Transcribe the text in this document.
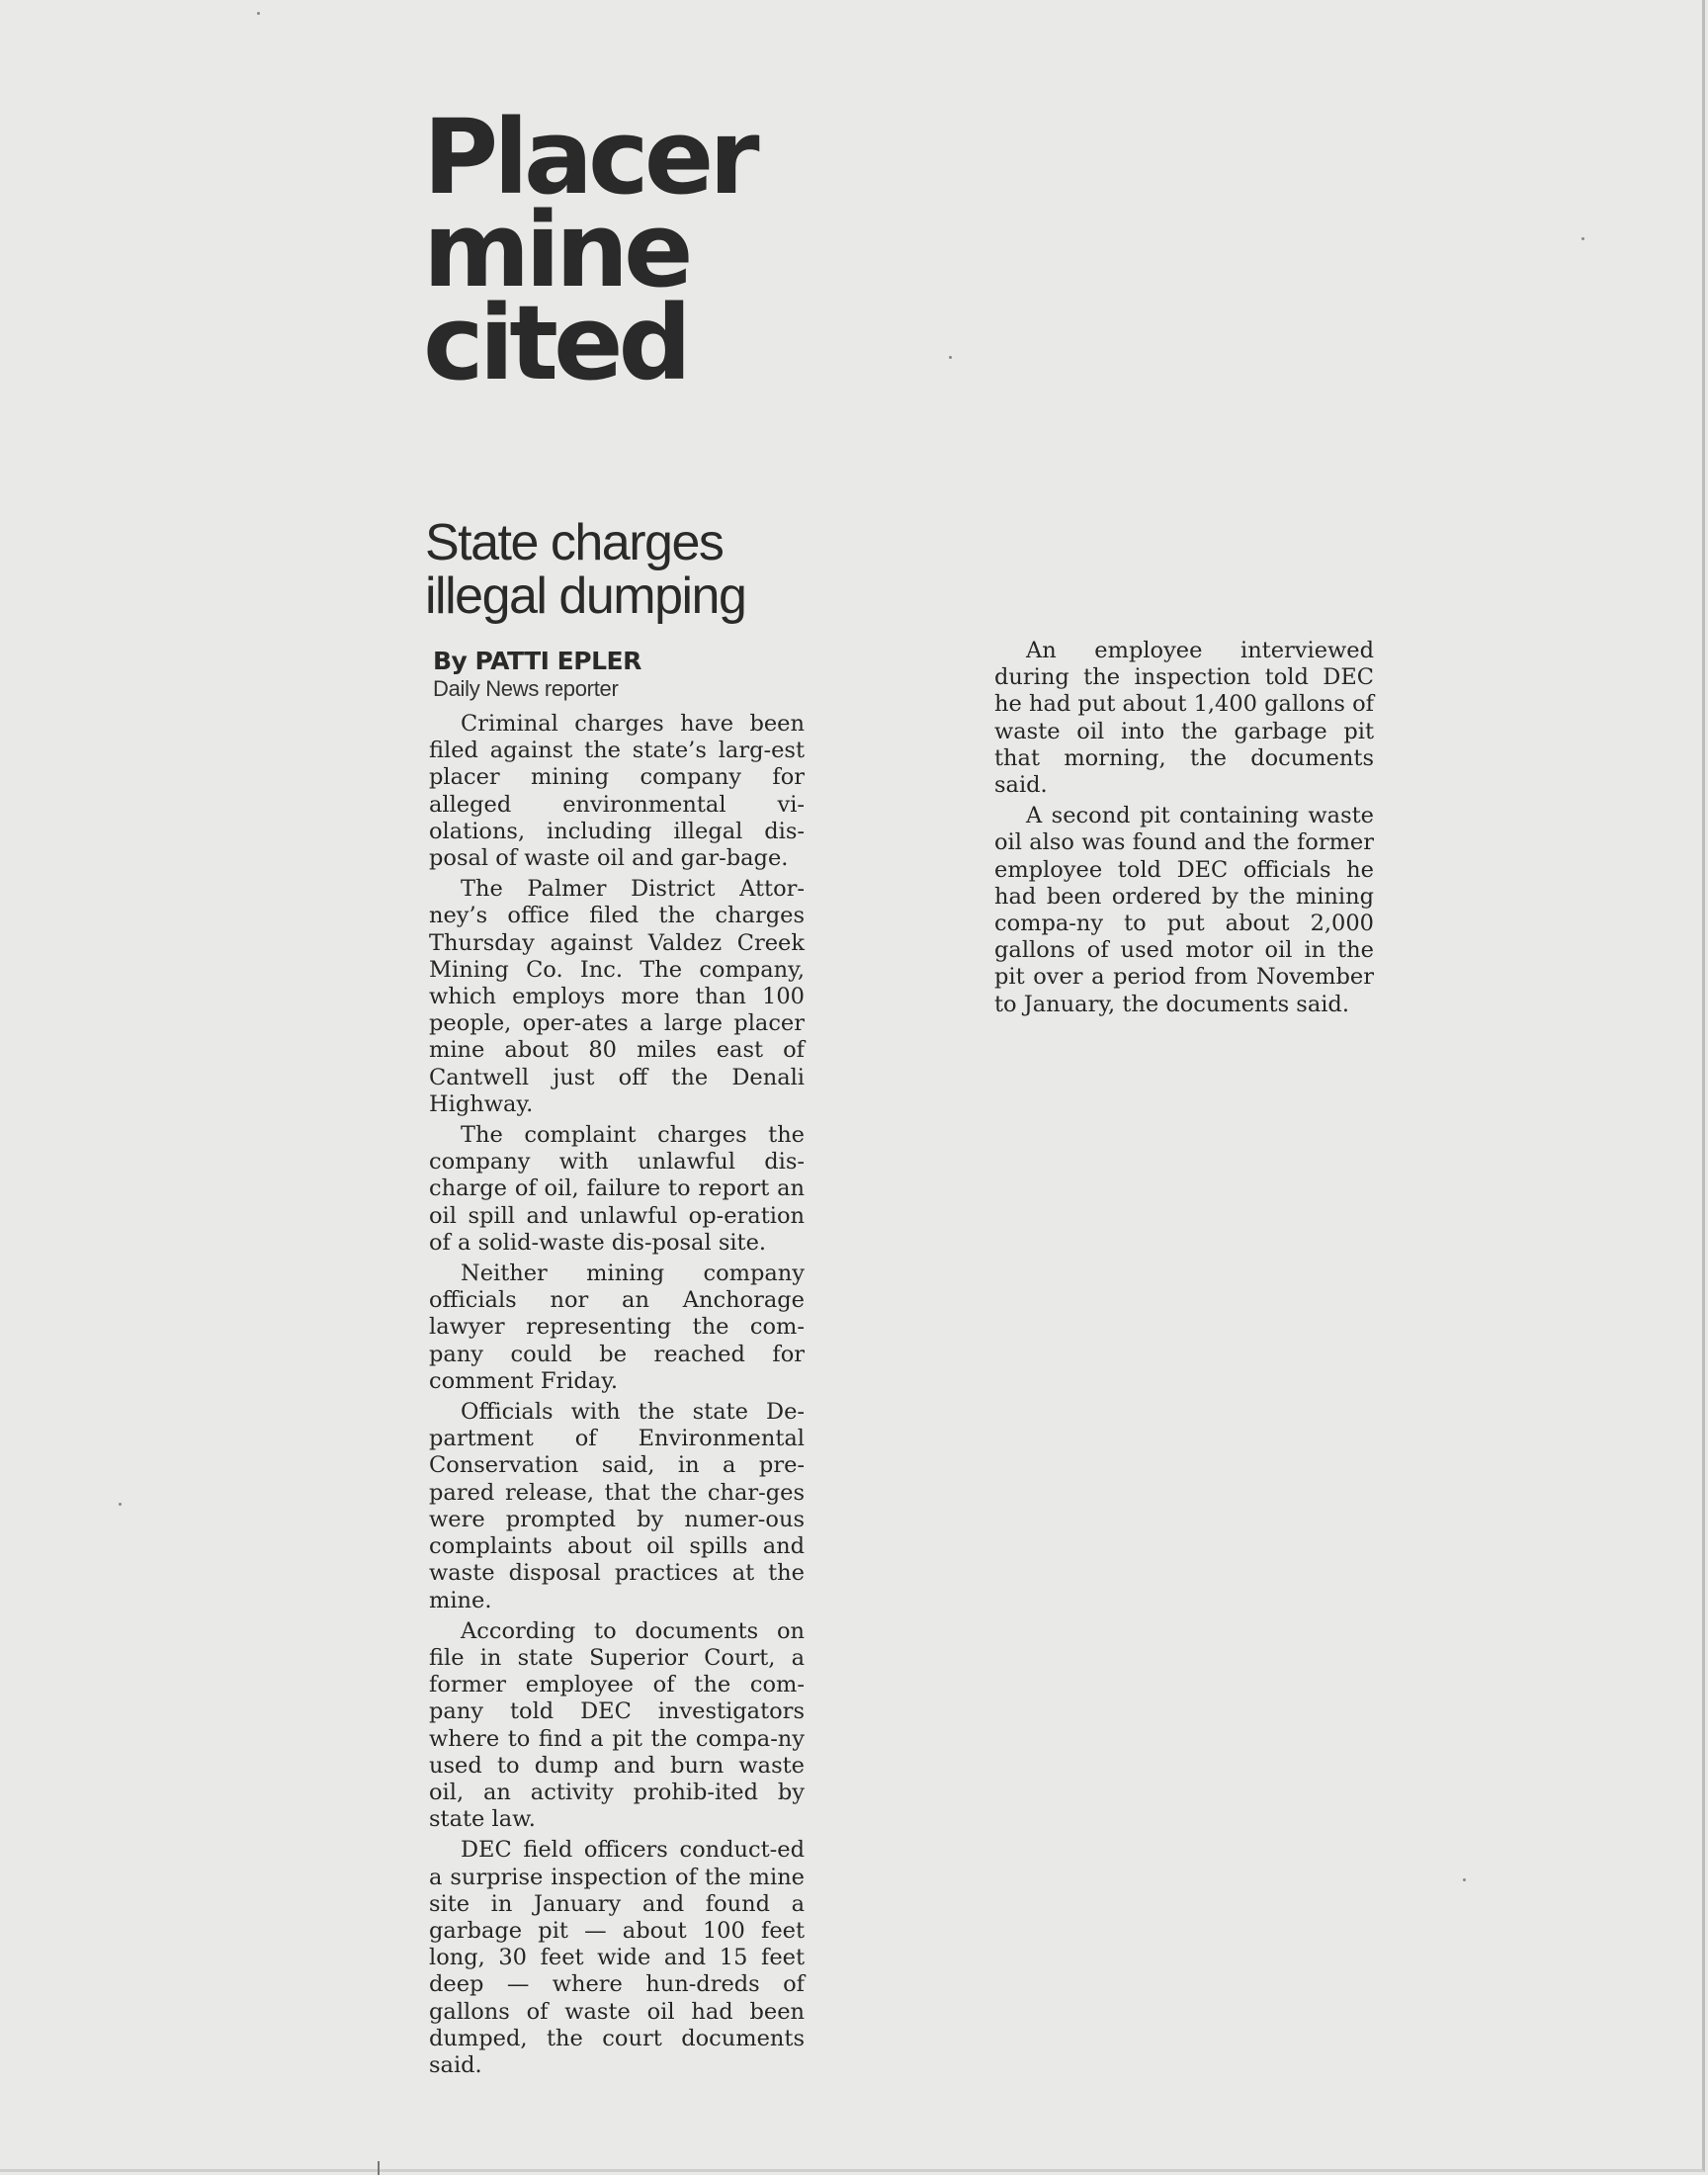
Placer
mine
cited
State charges
illegal dumping
By PATTI EPLER
Daily News reporter

Criminal charges have been filed against the state’s larg-est placer mining company for alleged environmental vi-olations, including illegal dis-posal of waste oil and gar-bage.

The Palmer District Attor-ney’s office filed the charges Thursday against Valdez Creek Mining Co. Inc. The company, which employs more than 100 people, oper-ates a large placer mine about 80 miles east of Cantwell just off the Denali Highway.

The complaint charges the company with unlawful dis-charge of oil, failure to report an oil spill and unlawful op-eration of a solid-waste dis-posal site.

Neither mining company officials nor an Anchorage lawyer representing the com-pany could be reached for comment Friday.

Officials with the state De-partment of Environmental Conservation said, in a pre-pared release, that the char-ges were prompted by numer-ous complaints about oil spills and waste disposal practices at the mine.

According to documents on file in state Superior Court, a former employee of the com-pany told DEC investigators where to find a pit the compa-ny used to dump and burn waste oil, an activity prohib-ited by state law.

DEC field officers conduct-ed a surprise inspection of the mine site in January and found a garbage pit — about 100 feet long, 30 feet wide and 15 feet deep — where hun-dreds of gallons of waste oil had been dumped, the court documents said.

An employee interviewed during the inspection told DEC he had put about 1,400 gallons of waste oil into the garbage pit that morning, the documents said.

A second pit containing waste oil also was found and the former employee told DEC officials he had been ordered by the mining compa-ny to put about 2,000 gallons of used motor oil in the pit over a period from November to January, the documents said.
